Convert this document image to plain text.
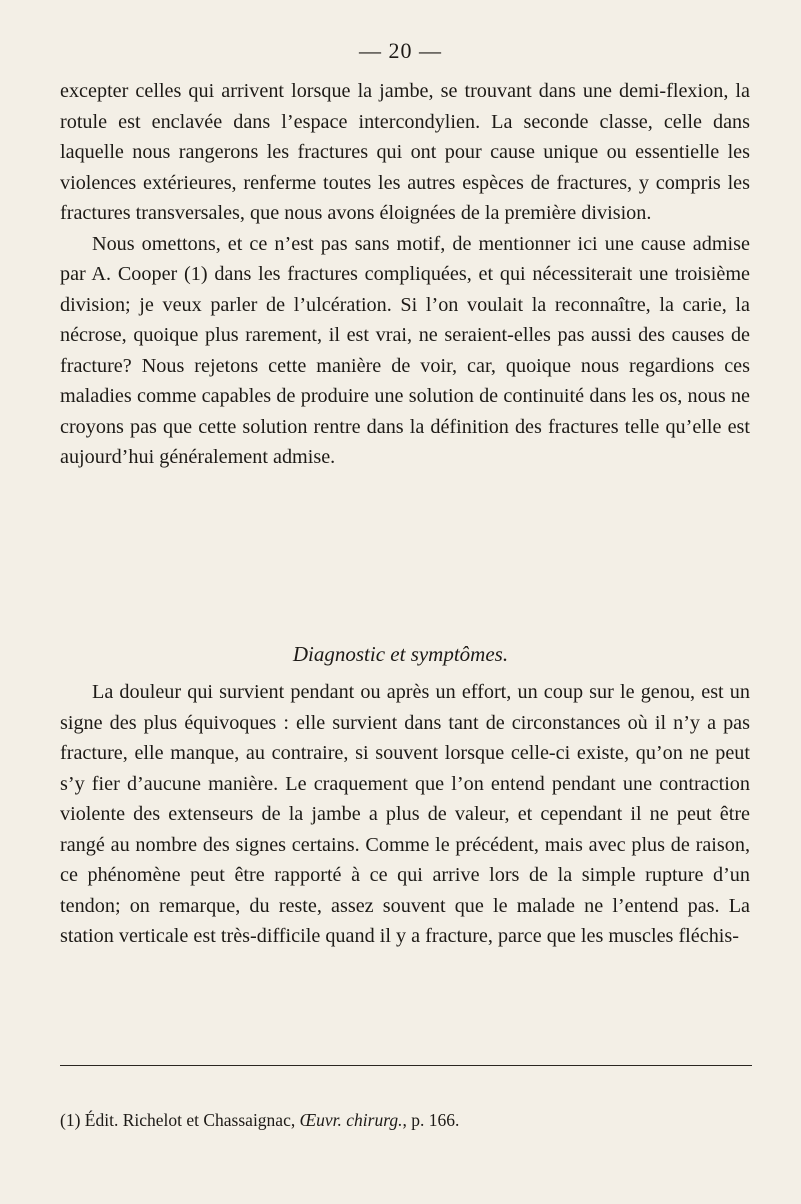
— 20 —

excepter celles qui arrivent lorsque la jambe, se trouvant dans une demi-flexion, la rotule est enclavée dans l’espace intercondylien. La seconde classe, celle dans laquelle nous rangerons les fractures qui ont pour cause unique ou essentielle les violences extérieures, renferme toutes les autres espèces de fractures, y compris les fractures transversales, que nous avons éloignées de la première division.

Nous omettons, et ce n’est pas sans motif, de mentionner ici une cause admise par A. Cooper (1) dans les fractures compliquées, et qui nécessiterait une troisième division; je veux parler de l’ulcération. Si l’on voulait la reconnaître, la carie, la nécrose, quoique plus rarement, il est vrai, ne seraient-elles pas aussi des causes de fracture? Nous rejetons cette manière de voir, car, quoique nous regardions ces maladies comme capables de produire une solution de continuité dans les os, nous ne croyons pas que cette solution rentre dans la définition des fractures telle qu’elle est aujourd’hui généralement admise.

Diagnostic et symptômes.

La douleur qui survient pendant ou après un effort, un coup sur le genou, est un signe des plus équivoques : elle survient dans tant de circonstances où il n’y a pas fracture, elle manque, au contraire, si souvent lorsque celle-ci existe, qu’on ne peut s’y fier d’aucune manière. Le craquement que l’on entend pendant une contraction violente des extenseurs de la jambe a plus de valeur, et cependant il ne peut être rangé au nombre des signes certains. Comme le précédent, mais avec plus de raison, ce phénomène peut être rapporté à ce qui arrive lors de la simple rupture d’un tendon; on remarque, du reste, assez souvent que le malade ne l’entend pas. La station verticale est très-difficile quand il y a fracture, parce que les muscles fléchis-

(1) Édit. Richelot et Chassaignac, Œuvr. chirurg., p. 166.
